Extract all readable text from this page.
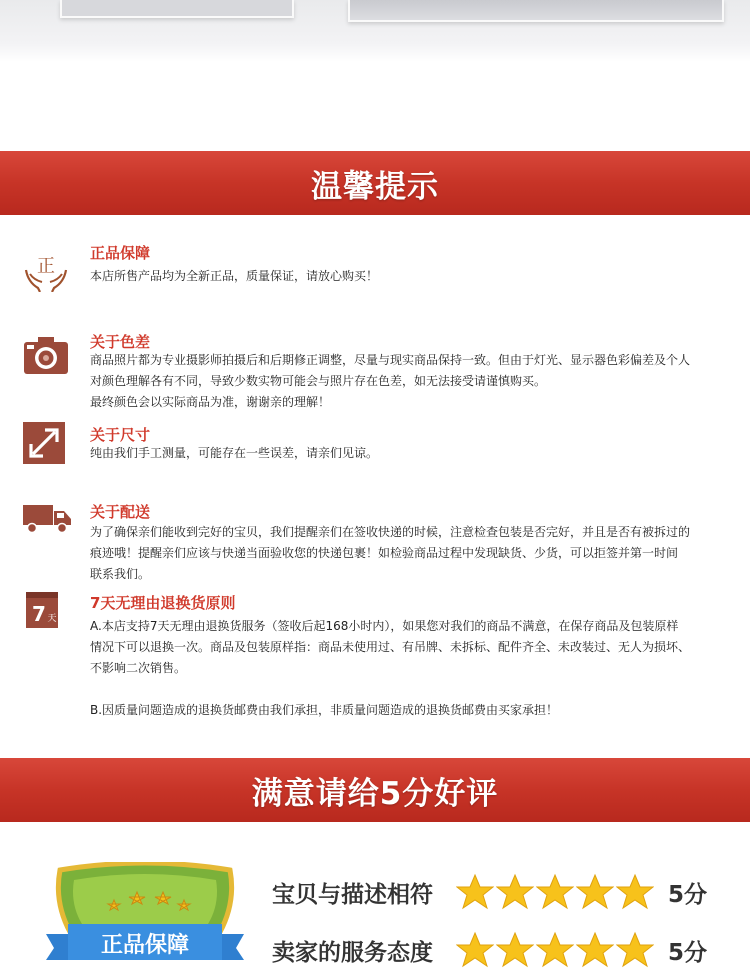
温馨提示
正
正品保障

本店所售产品均为全新正品，质量保证，请放心购买！

关于色差

商品照片都为专业摄影师拍摄后和后期修正调整，尽量与现实商品保持一致。但由于灯光、显示器色彩偏差及个人

对颜色理解各有不同，导致少数实物可能会与照片存在色差，如无法接受请谨慎购买。

最终颜色会以实际商品为准，谢谢亲的理解！

关于尺寸

纯由我们手工测量，可能存在一些误差，请亲们见谅。

关于配送

为了确保亲们能收到完好的宝贝，我们提醒亲们在签收快递的时候，注意检查包装是否完好，并且是否有被拆过的

痕迹哦！提醒亲们应该与快递当面验收您的快递包裹！如检验商品过程中发现缺货、少货，可以拒签并第一时间

联系我们。

7 天
7天无理由退换货原则

A.本店支持7天无理由退换货服务（签收后起168小时内），如果您对我们的商品不满意，在保存商品及包装原样

情况下可以退换一次。商品及包装原样指：商品未使用过、有吊牌、未拆标、配件齐全、未改装过、无人为损坏、

不影响二次销售。

B.因质量问题造成的退换货邮费由我们承担，非质量问题造成的退换货邮费由买家承担！

满意请给5分好评
正品保障
宝贝与描述相符	5分
卖家的服务态度	5分
